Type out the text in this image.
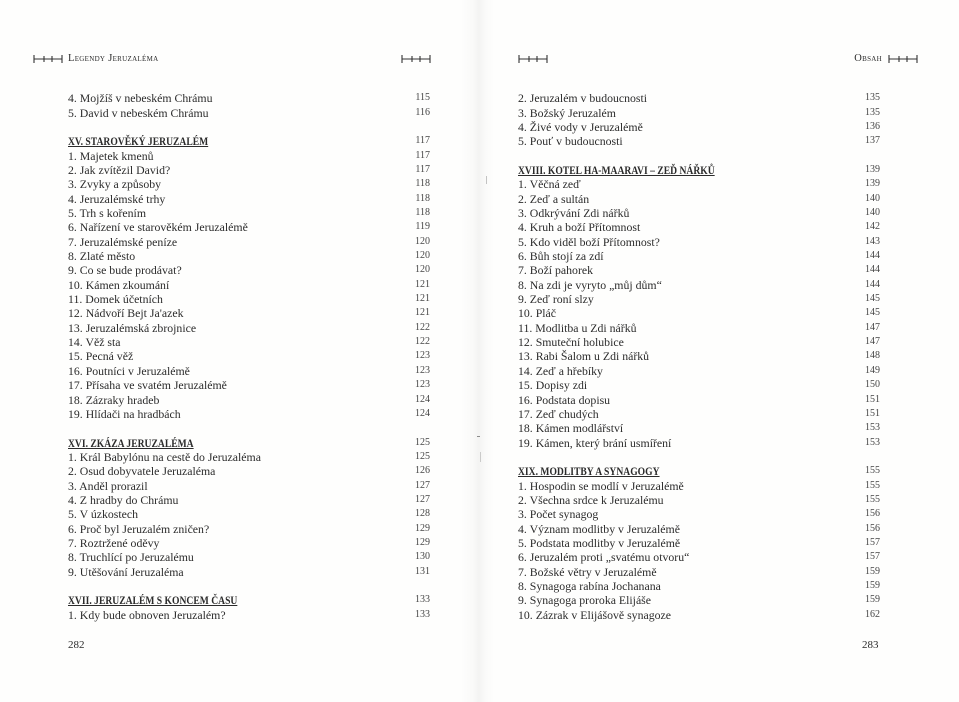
Legendy Jeruzaléma
4. Mojžíš v nebeském Chrámu	115
5. David v nebeském Chrámu	116
XV. STAROVĚKÝ JERUZALÉM	117
1. Majetek kmenů	117
2. Jak zvítězil David?	117
3. Zvyky a způsoby	118
4. Jeruzalémské trhy	118
5. Trh s kořením	118
6. Nařízení ve starověkém Jeruzalémě	119
7. Jeruzalémské peníze	120
8. Zlaté město	120
9. Co se bude prodávat?	120
10. Kámen zkoumání	121
11. Domek účetních	121
12. Nádvoří Bejt Ja'azek	121
13. Jeruzalémská zbrojnice	122
14. Věž sta	122
15. Pecná věž	123
16. Poutníci v Jeruzalémě	123
17. Přísaha ve svatém Jeruzalémě	123
18. Zázraky hradeb	124
19. Hlídači na hradbách	124
XVI. ZKÁZA JERUZALÉMA	125
1. Král Babylónu na cestě do Jeruzaléma	125
2. Osud dobyvatele Jeruzaléma	126
3. Anděl prorazil	127
4. Z hradby do Chrámu	127
5. V úzkostech	128
6. Proč byl Jeruzalém zničen?	129
7. Roztržené oděvy	129
8. Truchlící po Jeruzalému	130
9. Utěšování Jeruzaléma	131
XVII. JERUZALÉM S KONCEM ČASU	133
1. Kdy bude obnoven Jeruzalém?	133
282
Obsah
2. Jeruzalém v budoucnosti	135
3. Božský Jeruzalém	135
4. Živé vody v Jeruzalémě	136
5. Pouť v budoucnosti	137
XVIII. KOTEL HA-MAARAVI – ZEĎ NÁŘKŮ	139
1. Věčná zeď	139
2. Zeď a sultán	140
3. Odkrývání Zdi nářků	140
4. Kruh a boží Přítomnost	142
5. Kdo viděl boží Přítomnost?	143
6. Bůh stojí za zdí	144
7. Boží pahorek	144
8. Na zdi je vyryto „můj dům“	144
9. Zeď roní slzy	145
10. Pláč	145
11. Modlitba u Zdi nářků	147
12. Smuteční holubice	147
13. Rabi Šalom u Zdi nářků	148
14. Zeď a hřebíky	149
15. Dopisy zdi	150
16. Podstata dopisu	151
17. Zeď chudých	151
18. Kámen modlářství	153
19. Kámen, který brání usmíření	153
XIX. MODLITBY A SYNAGOGY	155
1. Hospodin se modlí v Jeruzalémě	155
2. Všechna srdce k Jeruzalému	155
3. Počet synagog	156
4. Význam modlitby v Jeruzalémě	156
5. Podstata modlitby v Jeruzalémě	157
6. Jeruzalém proti „svatému otvoru“	157
7. Božské větry v Jeruzalémě	159
8. Synagoga rabína Jochanana	159
9. Synagoga proroka Elijáše	159
10. Zázrak v Elijášově synagoze	162
283
